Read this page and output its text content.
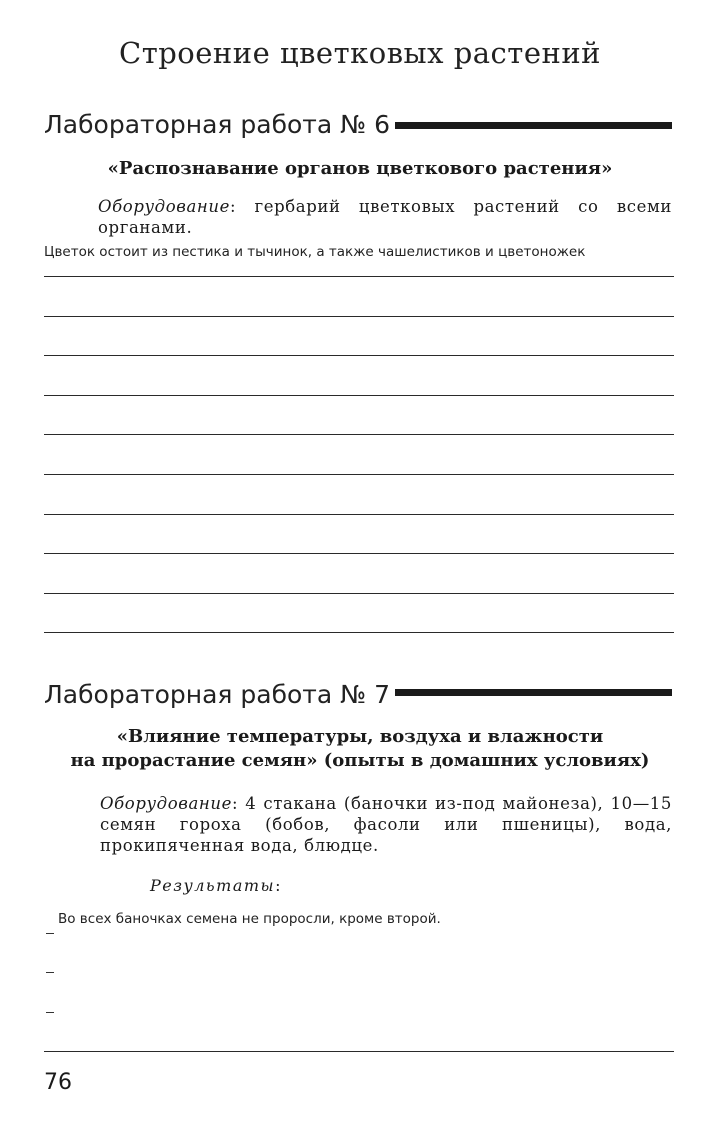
Строение цветковых растений
Лабораторная работа № 6
«Распознавание органов цветкового растения»
Оборудование: гербарий цветковых растений со всеми органами.
Цветок остоит из пестика и тычинок, а также чашелистиков и цветоножек
Лабораторная работа № 7
«Влияние температуры, воздуха и влажности
на прорастание семян» (опыты в домашних условиях)
Оборудование: 4 стакана (баночки из-под майонеза), 10—15 семян гороха (бобов, фасоли или пшеницы), вода, прокипяченная вода, блюдце.
Результаты:
Во всех баночках семена не проросли, кроме второй.
76
